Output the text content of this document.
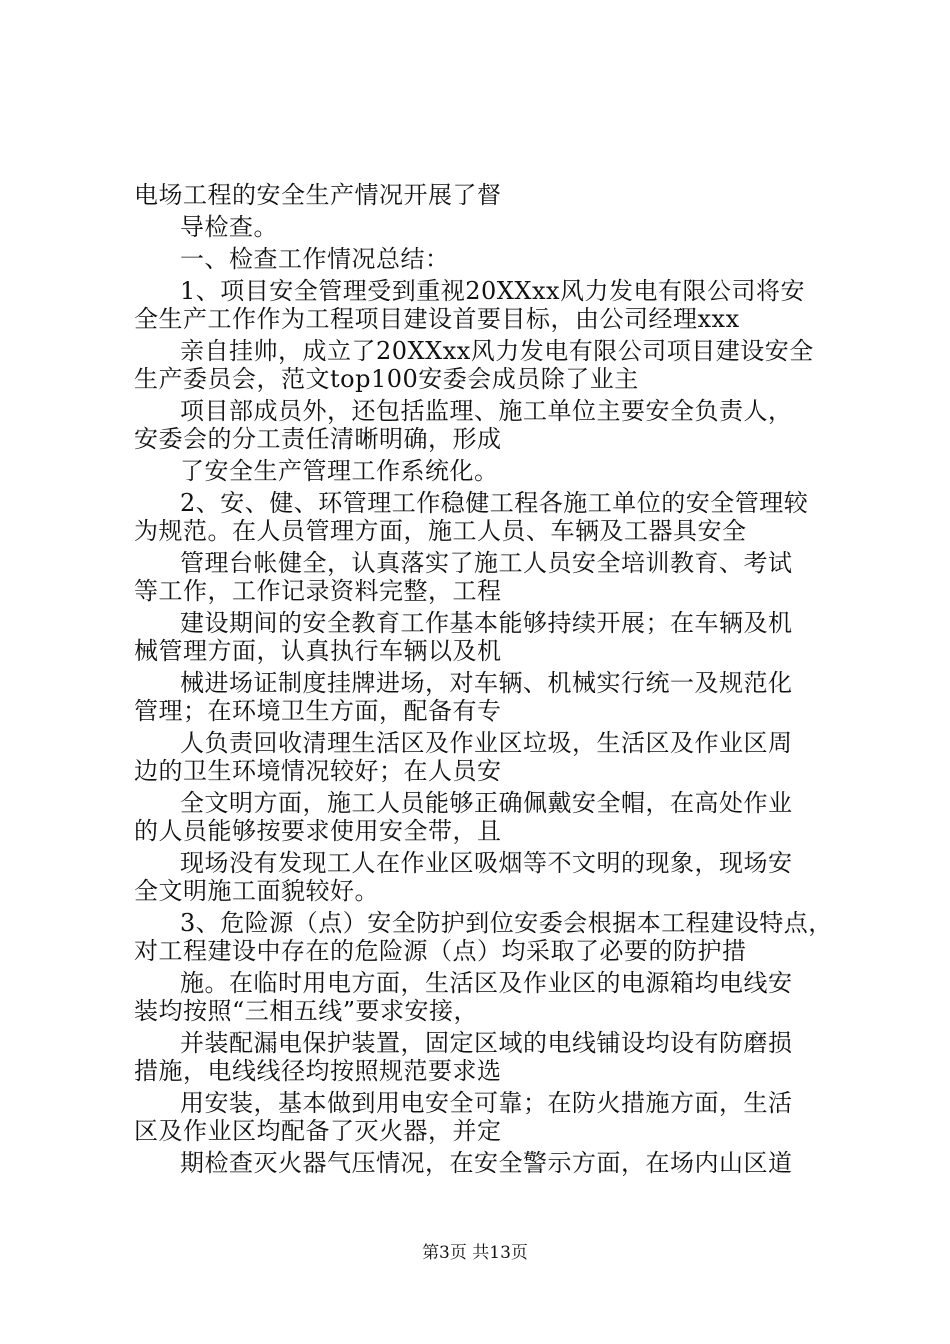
电场工程的安全生产情况开展了督
导检查。
一、检查工作情况总结：
1、项目安全管理受到重视20XXxx风力发电有限公司将安
全生产工作作为工程项目建设首要目标，由公司经理xxx
亲自挂帅，成立了20XXxx风力发电有限公司项目建设安全
生产委员会，范文top100安委会成员除了业主
项目部成员外，还包括监理、施工单位主要安全负责人，
安委会的分工责任清晰明确，形成
了安全生产管理工作系统化。
2、安、健、环管理工作稳健工程各施工单位的安全管理较
为规范。在人员管理方面，施工人员、车辆及工器具安全
管理台帐健全，认真落实了施工人员安全培训教育、考试
等工作，工作记录资料完整，工程
建设期间的安全教育工作基本能够持续开展；在车辆及机
械管理方面，认真执行车辆以及机
械进场证制度挂牌进场，对车辆、机械实行统一及规范化
管理；在环境卫生方面，配备有专
人负责回收清理生活区及作业区垃圾，生活区及作业区周
边的卫生环境情况较好；在人员安
全文明方面，施工人员能够正确佩戴安全帽，在高处作业
的人员能够按要求使用安全带，且
现场没有发现工人在作业区吸烟等不文明的现象，现场安
全文明施工面貌较好。
3、危险源（点）安全防护到位安委会根据本工程建设特点，
对工程建设中存在的危险源（点）均采取了必要的防护措
施。在临时用电方面，生活区及作业区的电源箱均电线安
装均按照“三相五线”要求安接，
并装配漏电保护装置，固定区域的电线铺设均设有防磨损
措施，电线线径均按照规范要求选
用安装，基本做到用电安全可靠；在防火措施方面，生活
区及作业区均配备了灭火器，并定
期检查灭火器气压情况，在安全警示方面，在场内山区道
第3页 共13页
